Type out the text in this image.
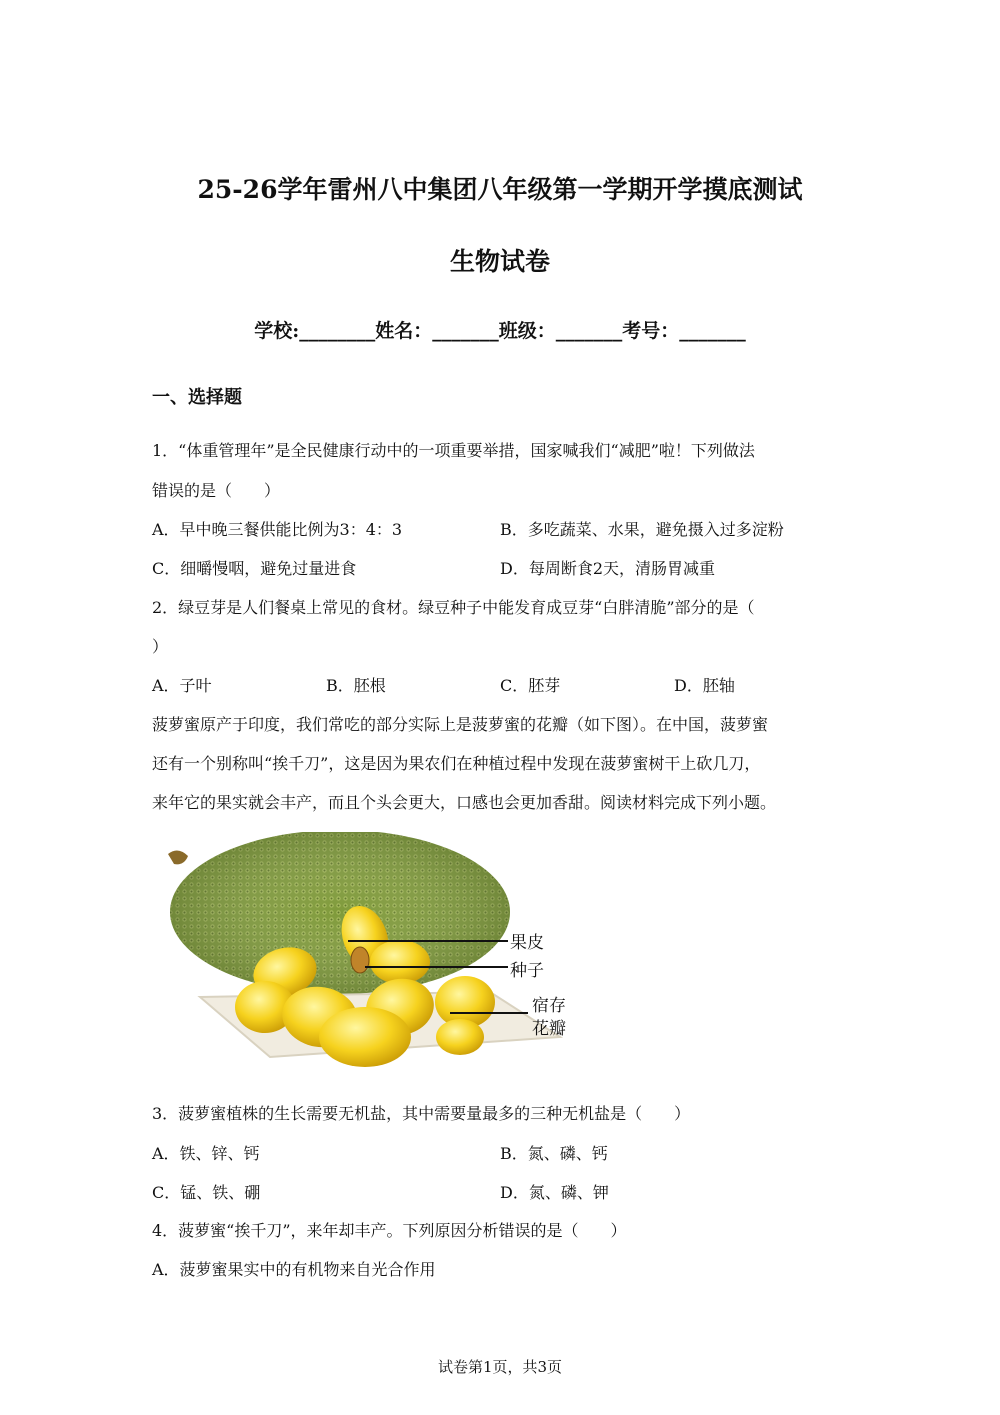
25-26学年雷州八中集团八年级第一学期开学摸底测试
生物试卷
学校:________姓名：_______班级：_______考号：_______
一、选择题
1．“体重管理年”是全民健康行动中的一项重要举措，国家喊我们“减肥”啦！下列做法
错误的是（　　）
A．早中晚三餐供能比例为3：4：3	B．多吃蔬菜、水果，避免摄入过多淀粉
C．细嚼慢咽，避免过量进食	D．每周断食2天，清肠胃减重
2．绿豆芽是人们餐桌上常见的食材。绿豆种子中能发育成豆芽“白胖清脆”部分的是（
）
A．子叶	B．胚根	C．胚芽	D．胚轴
菠萝蜜原产于印度，我们常吃的部分实际上是菠萝蜜的花瓣（如下图）。在中国，菠萝蜜
还有一个别称叫“挨千刀”，这是因为果农们在种植过程中发现在菠萝蜜树干上砍几刀，
来年它的果实就会丰产，而且个头会更大，口感也会更加香甜。阅读材料完成下列小题。
果皮
种子
宿存
花瓣
3．菠萝蜜植株的生长需要无机盐，其中需要量最多的三种无机盐是（　　）
A．铁、锌、钙	B．氮、磷、钙
C．锰、铁、硼	D．氮、磷、钾
4．菠萝蜜“挨千刀”，来年却丰产。下列原因分析错误的是（　　）
A．菠萝蜜果实中的有机物来自光合作用
试卷第1页，共3页
